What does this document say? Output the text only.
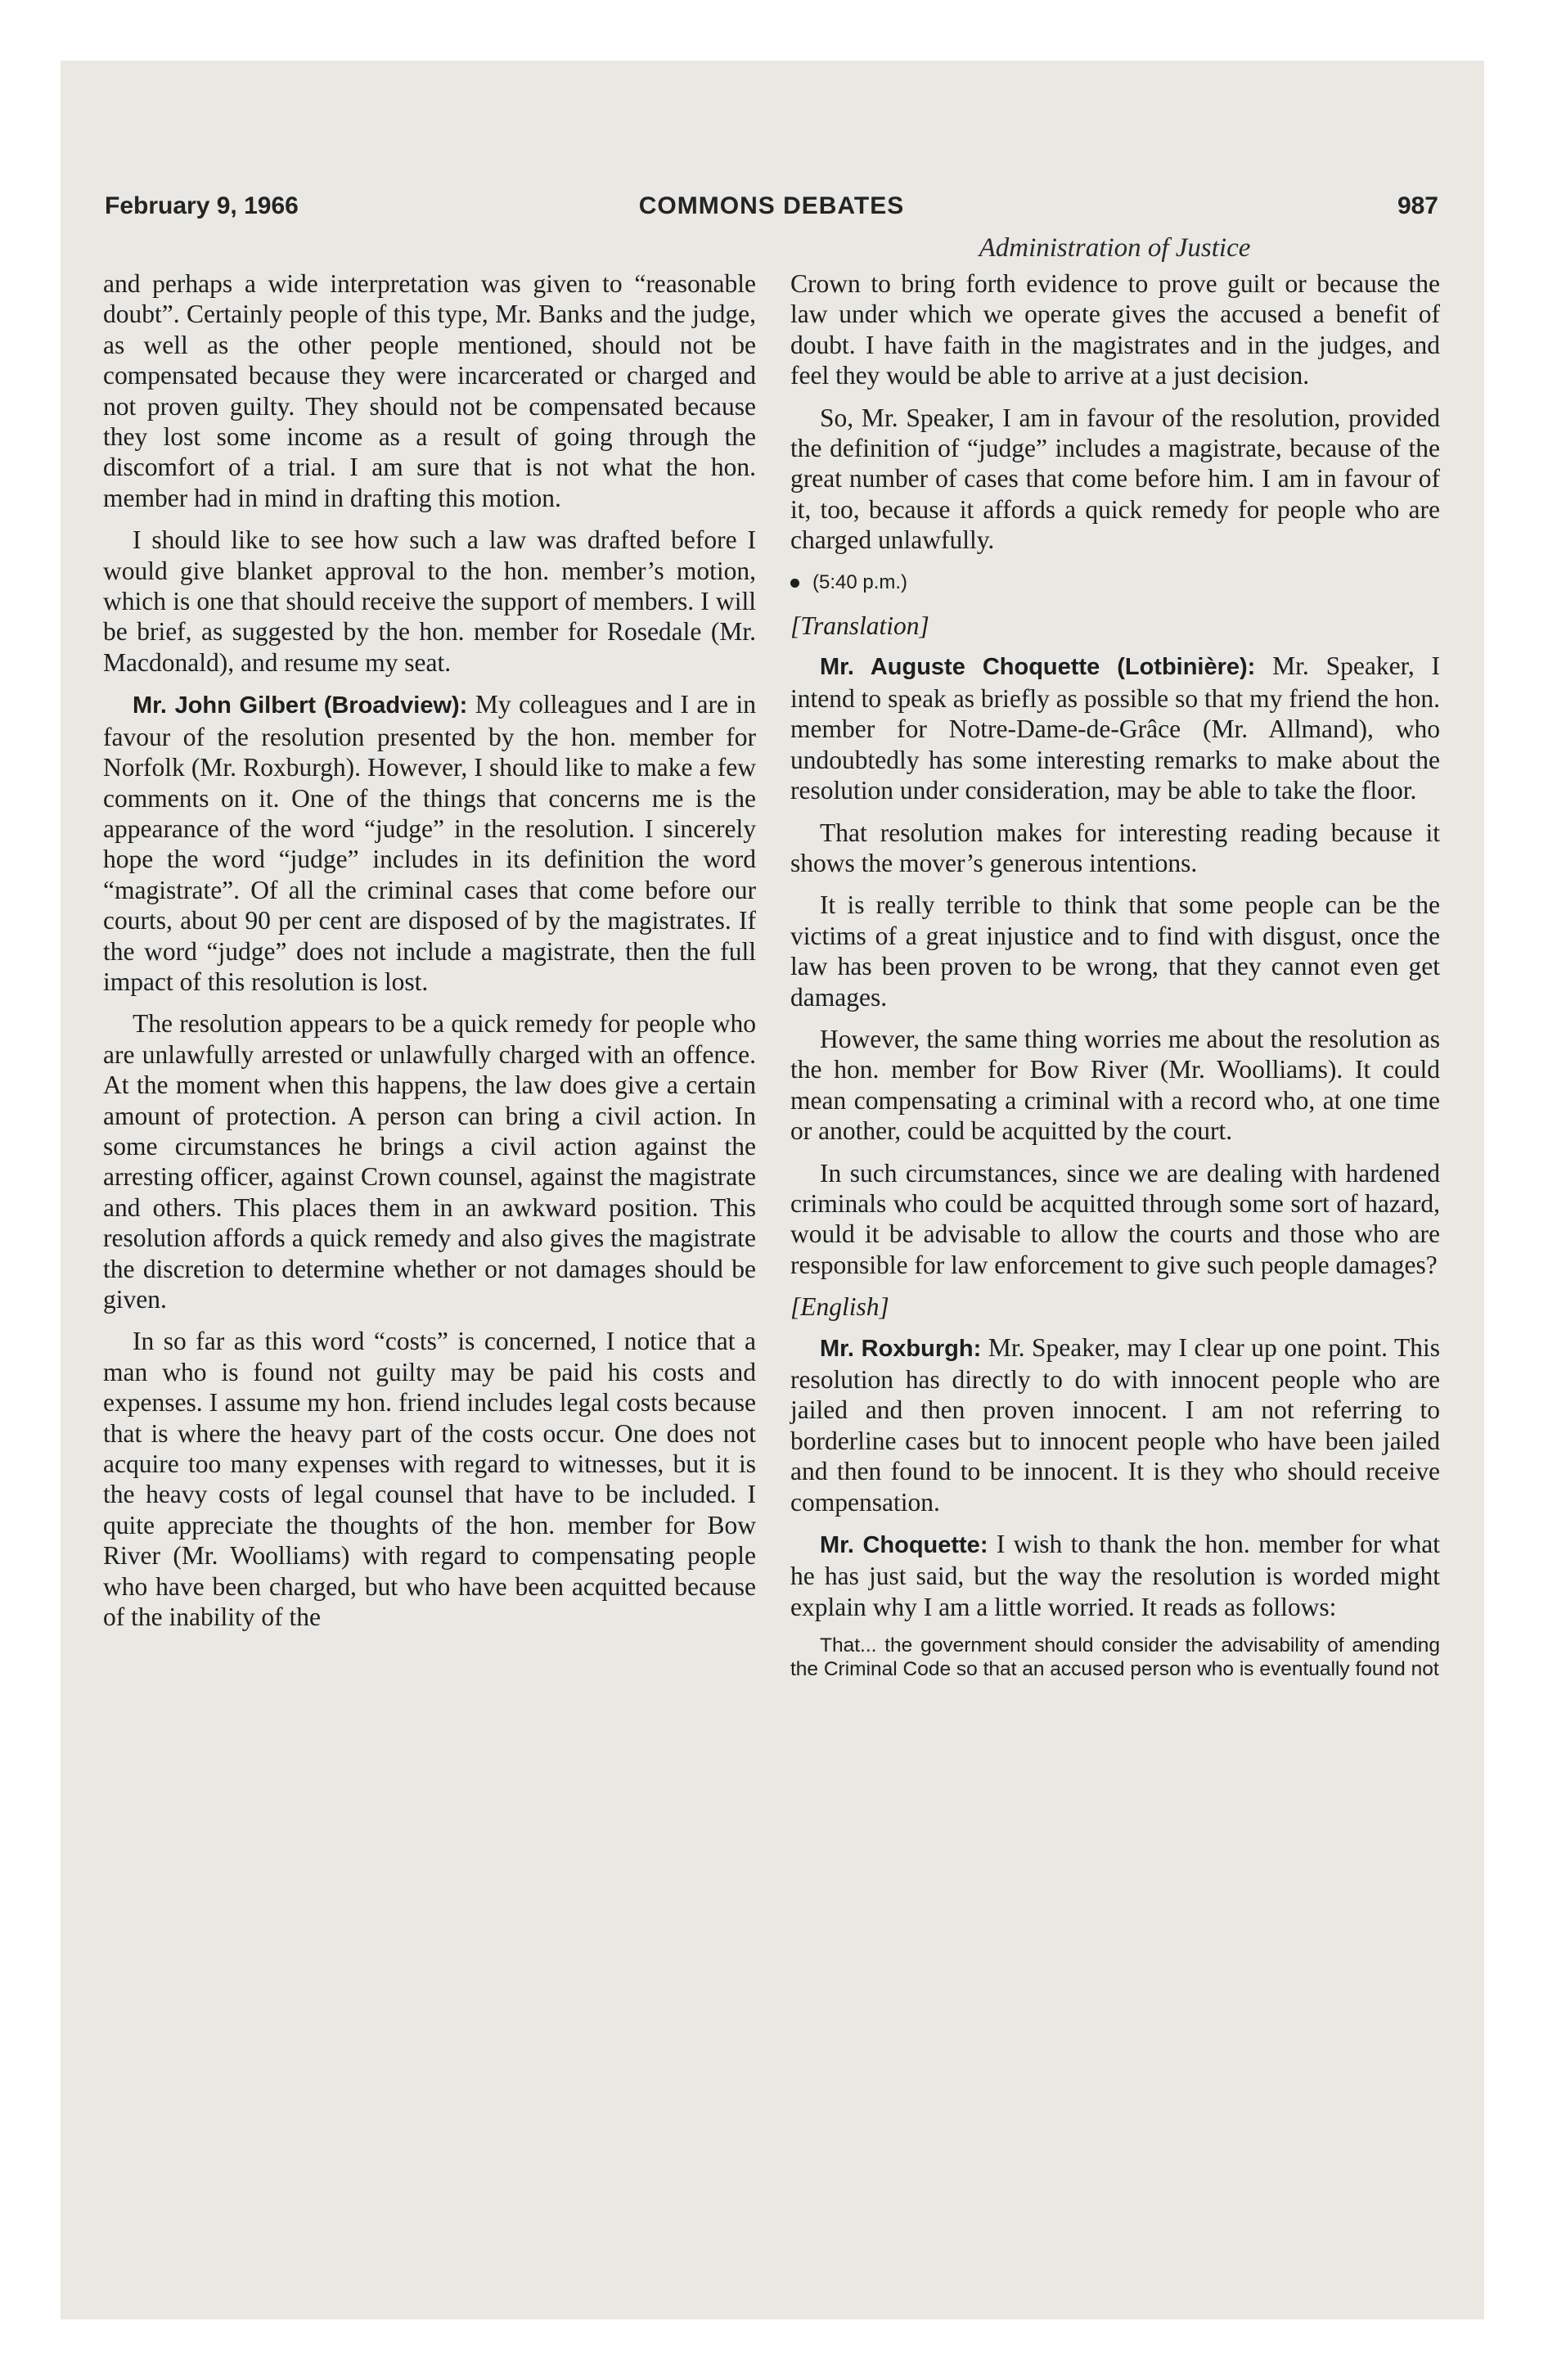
February 9, 1966	COMMONS DEBATES	987
Administration of Justice

and perhaps a wide interpretation was given to “reasonable doubt”. Certainly people of this type, Mr. Banks and the judge, as well as the other people mentioned, should not be compensated because they were incarcerated or charged and not proven guilty. They should not be compensated because they lost some income as a result of going through the discomfort of a trial. I am sure that is not what the hon. member had in mind in drafting this motion.

I should like to see how such a law was drafted before I would give blanket approval to the hon. member’s motion, which is one that should receive the support of members. I will be brief, as suggested by the hon. member for Rosedale (Mr. Macdonald), and resume my seat.

Mr. John Gilbert (Broadview): My colleagues and I are in favour of the resolution presented by the hon. member for Norfolk (Mr. Roxburgh). However, I should like to make a few comments on it. One of the things that concerns me is the appearance of the word “judge” in the resolution. I sincerely hope the word “judge” includes in its definition the word “magistrate”. Of all the criminal cases that come before our courts, about 90 per cent are disposed of by the magistrates. If the word “judge” does not include a magistrate, then the full impact of this resolution is lost.

The resolution appears to be a quick remedy for people who are unlawfully arrested or unlawfully charged with an offence. At the moment when this happens, the law does give a certain amount of protection. A person can bring a civil action. In some circumstances he brings a civil action against the arresting officer, against Crown counsel, against the magistrate and others. This places them in an awkward position. This resolution affords a quick remedy and also gives the magistrate the discretion to determine whether or not damages should be given.

In so far as this word “costs” is concerned, I notice that a man who is found not guilty may be paid his costs and expenses. I assume my hon. friend includes legal costs because that is where the heavy part of the costs occur. One does not acquire too many expenses with regard to witnesses, but it is the heavy costs of legal counsel that have to be included. I quite appreciate the thoughts of the hon. member for Bow River (Mr. Woolliams) with regard to compensating people who have been charged, but who have been acquitted because of the inability of the

Crown to bring forth evidence to prove guilt or because the law under which we operate gives the accused a benefit of doubt. I have faith in the magistrates and in the judges, and feel they would be able to arrive at a just decision.

So, Mr. Speaker, I am in favour of the resolution, provided the definition of “judge” includes a magistrate, because of the great number of cases that come before him. I am in favour of it, too, because it affords a quick remedy for people who are charged unlawfully.

(5:40 p.m.)

[Translation]

Mr. Auguste Choquette (Lotbinière): Mr. Speaker, I intend to speak as briefly as possible so that my friend the hon. member for Notre-Dame-de-Grâce (Mr. Allmand), who undoubtedly has some interesting remarks to make about the resolution under consideration, may be able to take the floor.

That resolution makes for interesting reading because it shows the mover’s generous intentions.

It is really terrible to think that some people can be the victims of a great injustice and to find with disgust, once the law has been proven to be wrong, that they cannot even get damages.

However, the same thing worries me about the resolution as the hon. member for Bow River (Mr. Woolliams). It could mean compensating a criminal with a record who, at one time or another, could be acquitted by the court.

In such circumstances, since we are dealing with hardened criminals who could be acquitted through some sort of hazard, would it be advisable to allow the courts and those who are responsible for law enforcement to give such people damages?

[English]

Mr. Roxburgh: Mr. Speaker, may I clear up one point. This resolution has directly to do with innocent people who are jailed and then proven innocent. I am not referring to borderline cases but to innocent people who have been jailed and then found to be innocent. It is they who should receive compensation.

Mr. Choquette: I wish to thank the hon. member for what he has just said, but the way the resolution is worded might explain why I am a little worried. It reads as follows:

That... the government should consider the advisability of amending the Criminal Code so that an accused person who is eventually found not
